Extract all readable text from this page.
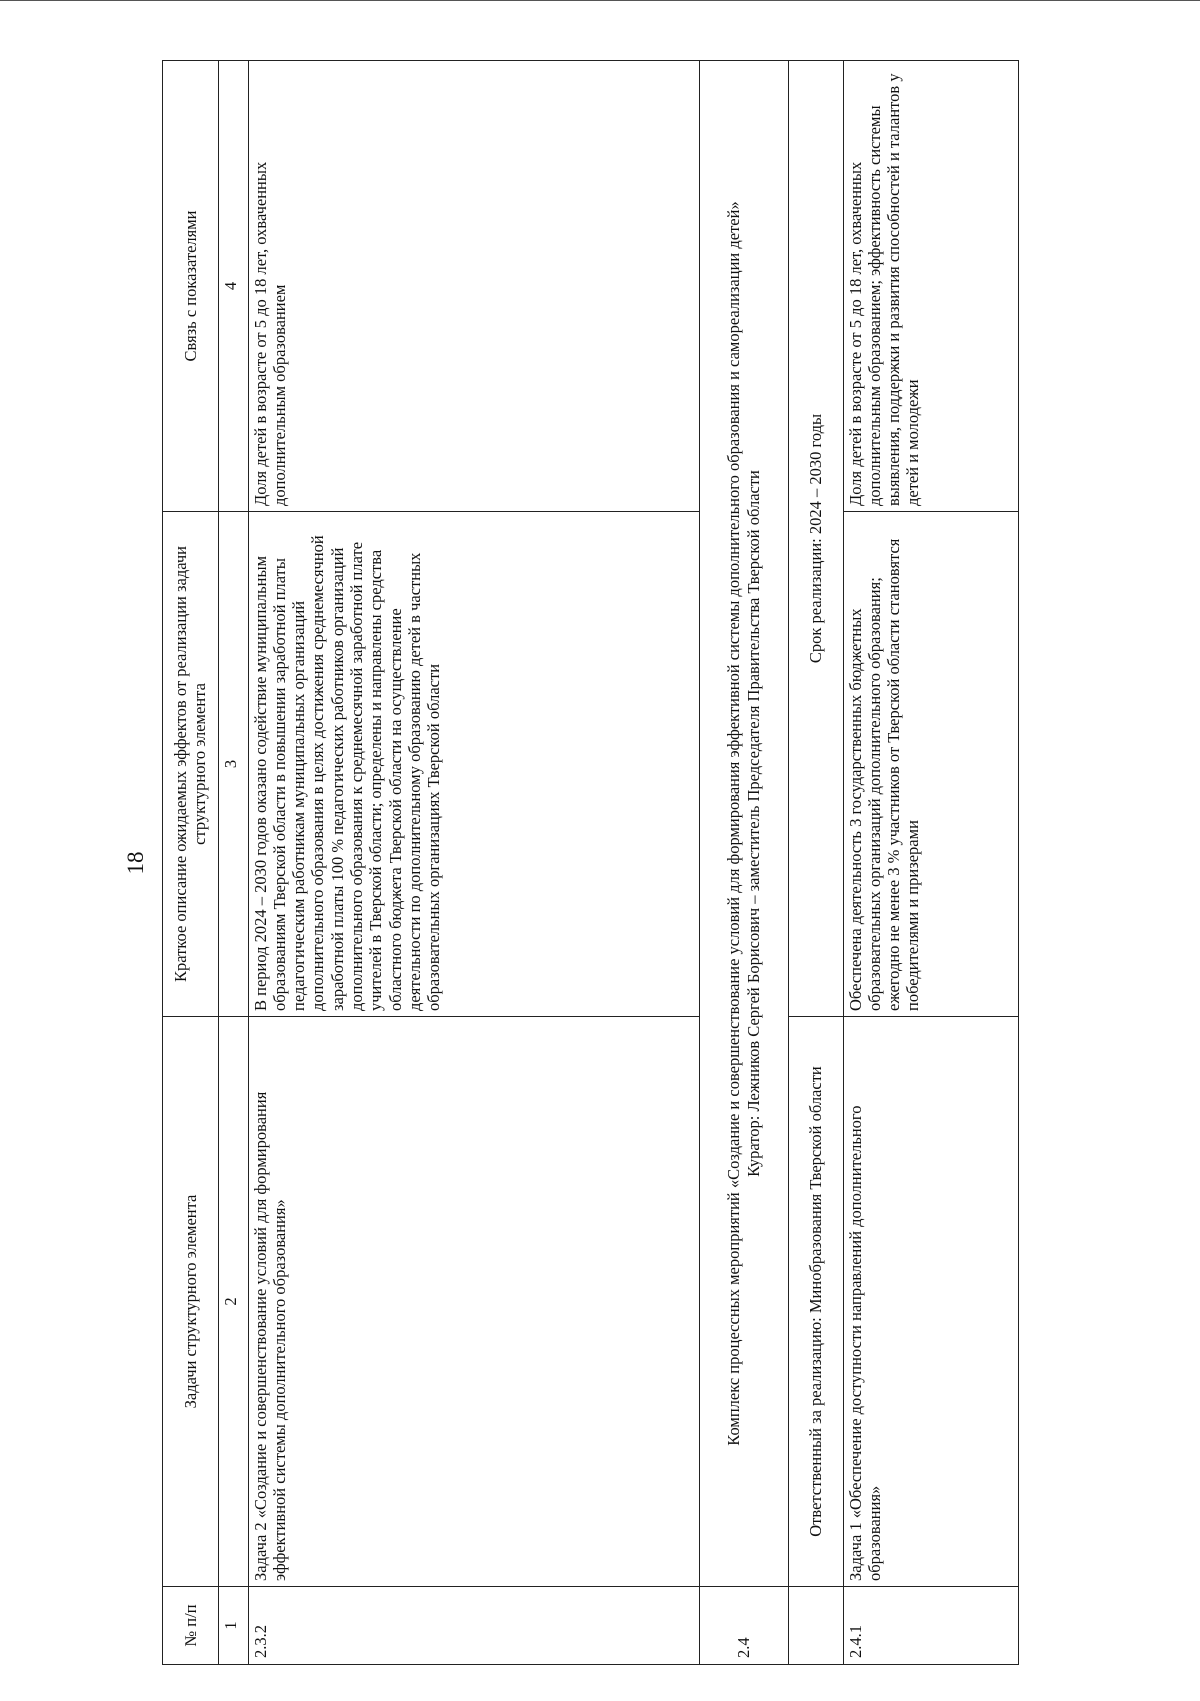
18
№ п/п	Задачи структурного элемента	Краткое описание ожидаемых эффектов от реализации задачи структурного элемента	Связь с показателями
1	2	3	4
2.3.2	Задача 2 «Создание и совершенствование условий для формирования эффективной системы дополнительного образования»	В период 2024 – 2030 годов оказано содействие муниципальным образованиям Тверской области в повышении заработной платы педагогическим работникам муниципальных организаций дополнительного образования в целях достижения среднемесячной заработной платы 100 % педагогических работников организаций дополнительного образования к среднемесячной заработной плате учителей в Тверской области; определены и направлены средства областного бюджета Тверской области на осуществление деятельности по дополнительному образованию детей в частных образовательных организациях Тверской области	Доля детей в возрасте от 5 до 18 лет, охваченных дополнительным образованием
2.4	Комплекс процессных мероприятий «Создание и совершенствование условий для формирования эффективной системы дополнительного образования и самореализации детей» Куратор: Лежников Сергей Борисович – заместитель Председателя Правительства Тверской области		

	Ответственный за реализацию: Минобразования Тверской области	Срок реализации: 2024 – 2030 годы	
2.4.1	Задача 1 «Обеспечение доступности направлений дополнительного образования»	Обеспечена деятельность 3 государственных бюджетных образовательных организаций дополнительного образования; ежегодно не менее 3 % участников от Тверской области становятся победителями и призерами	Доля детей в возрасте от 5 до 18 лет, охваченных дополнительным образованием; эффективность системы выявления, поддержки и развития способностей и талантов у детей и молодежи
